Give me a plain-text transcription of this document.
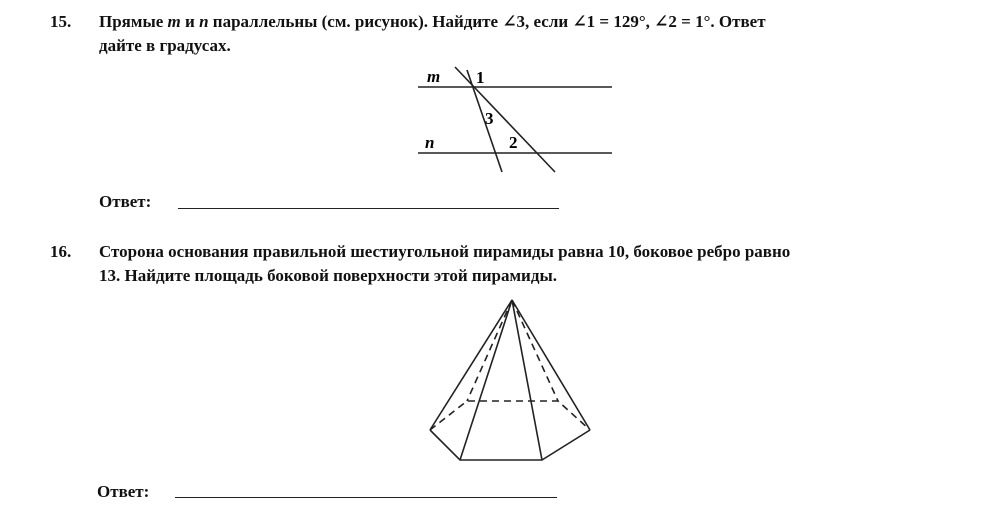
15. Прямые m и n параллельны (см. рисунок). Найдите ∠3, если ∠1 = 129°, ∠2 = 1°. Ответ
дайте в градусах.
m
n
1
3
2
Ответ:
16. Сторона основания правильной шестиугольной пирамиды равна 10, боковое ребро равно
13. Найдите площадь боковой поверхности этой пирамиды.
Ответ:
